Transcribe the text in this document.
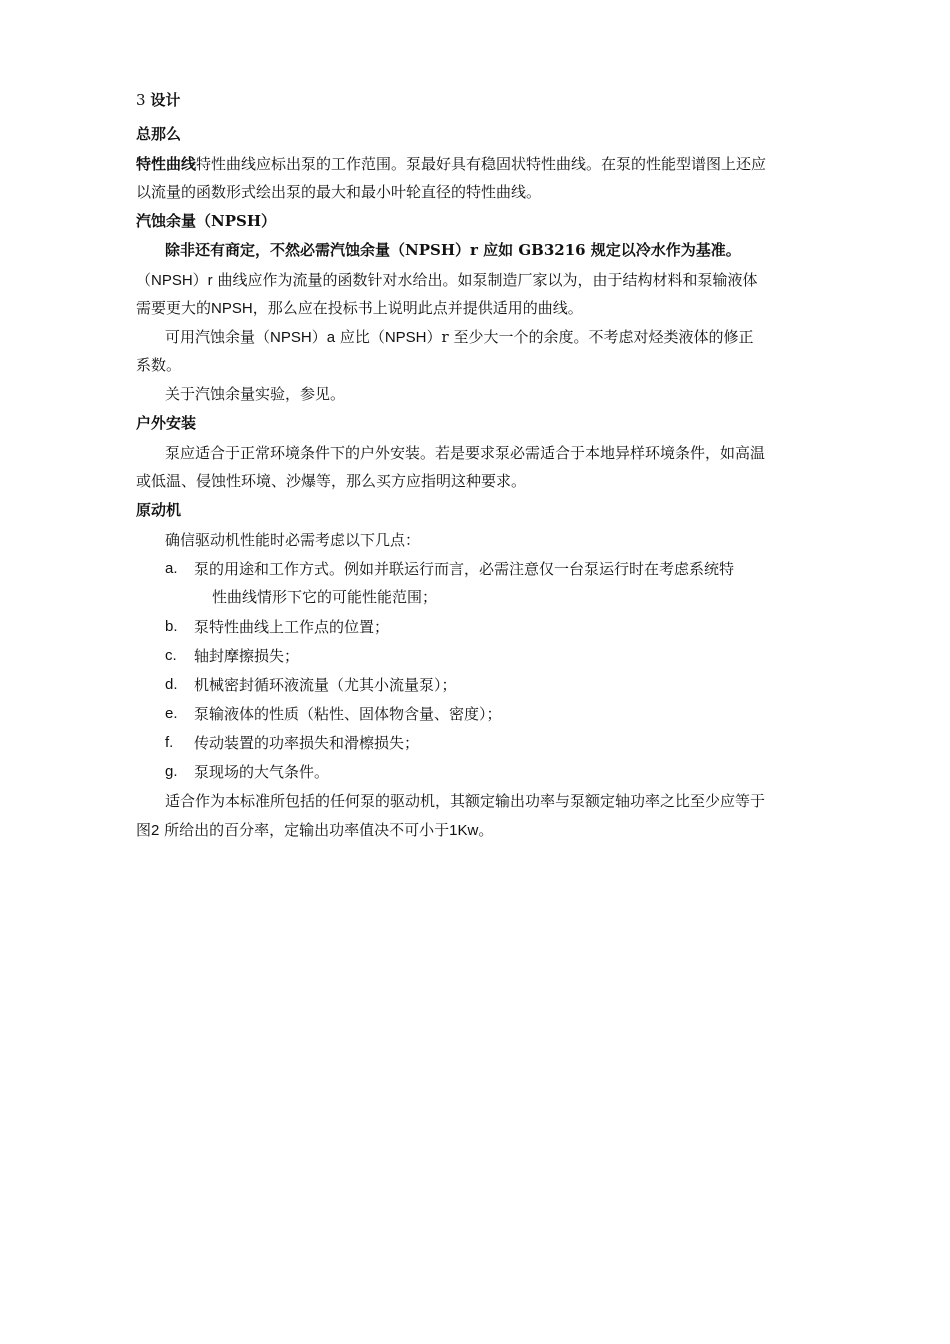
3 设计
总那么
特性曲线特性曲线应标出泵的工作范围。泵最好具有稳固状特性曲线。在泵的性能型谱图上还应
以流量的函数形式绘出泵的最大和最小叶轮直径的特性曲线。
汽蚀余量（NPSH）
除非还有商定，不然必需汽蚀余量（NPSH）r 应如 GB3216 规定以冷水作为基准。
（NPSH）r 曲线应作为流量的函数针对水给出。如泵制造厂家以为，由于结构材料和泵输液体
需要更大的NPSH，那么应在投标书上说明此点并提供适用的曲线。
可用汽蚀余量（NPSH）a 应比（NPSH）r 至少大一个的余度。不考虑对烃类液体的修正
系数。
关于汽蚀余量实验，参见。
户外安装
泵应适合于正常环境条件下的户外安装。若是要求泵必需适合于本地异样环境条件，如高温
或低温、侵蚀性环境、沙爆等，那么买方应指明这种要求。
原动机
确信驱动机性能时必需考虑以下几点：
a. 泵的用途和工作方式。例如并联运行而言，必需注意仅一台泵运行时在考虑系统特
性曲线情形下它的可能性能范围；
b. 泵特性曲线上工作点的位置；
c. 轴封摩擦损失；
d. 机械密封循环液流量（尤其小流量泵）；
e. 泵输液体的性质（粘性、固体物含量、密度）；
f. 传动装置的功率损失和滑檫损失；
g. 泵现场的大气条件。
适合作为本标准所包括的任何泵的驱动机，其额定输出功率与泵额定轴功率之比至少应等于
图2 所给出的百分率，定输出功率值决不可小于1Kw。
